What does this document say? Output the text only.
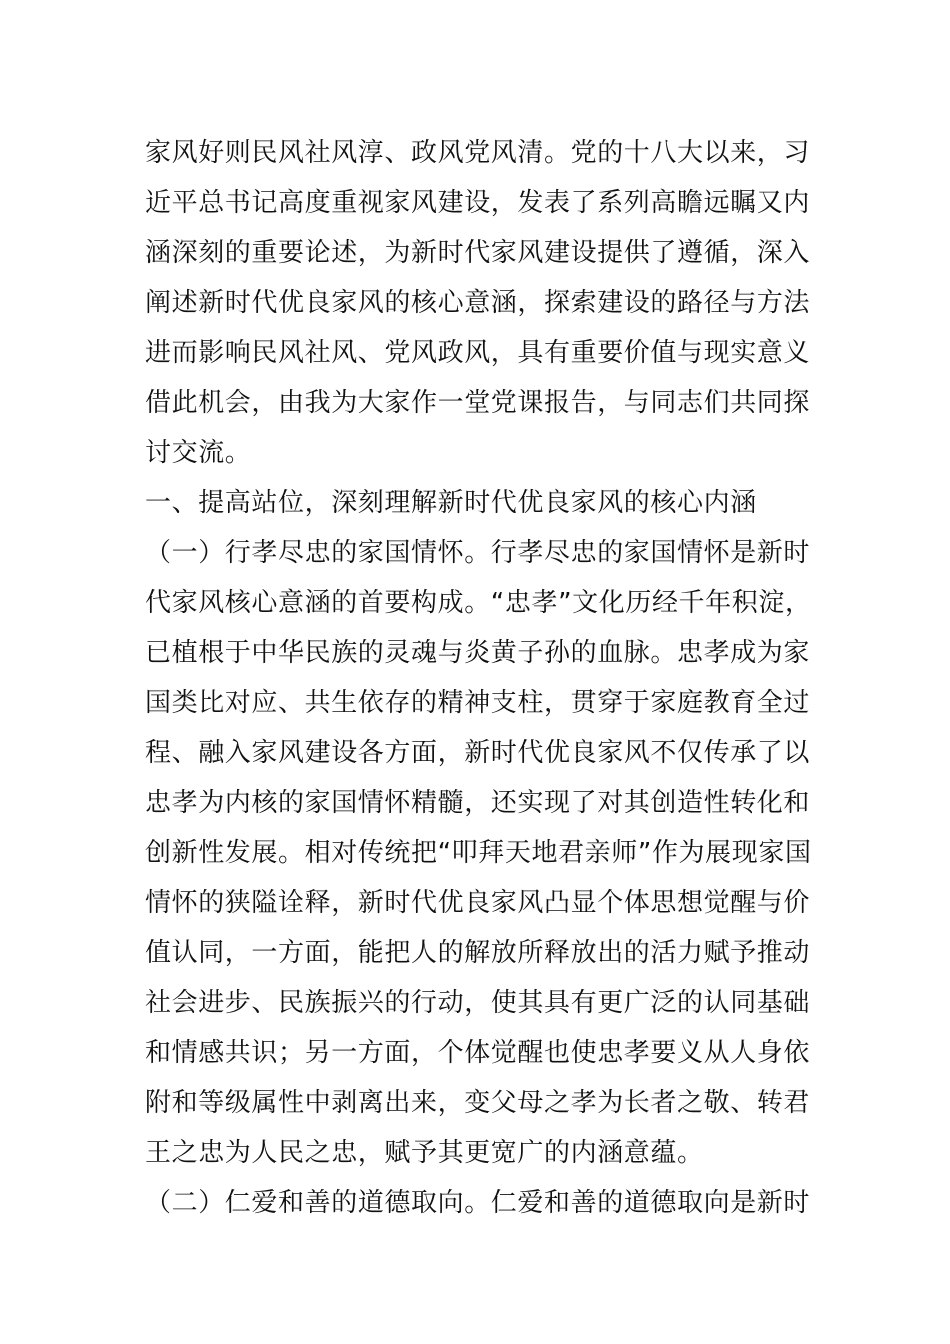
家风好则民风社风淳、政风党风清。党的十八大以来，习
近平总书记高度重视家风建设，发表了系列高瞻远瞩又内
涵深刻的重要论述，为新时代家风建设提供了遵循，深入
阐述新时代优良家风的核心意涵，探索建设的路径与方法
进而影响民风社风、党风政风，具有重要价值与现实意义
借此机会，由我为大家作一堂党课报告，与同志们共同探
讨交流。
一、提高站位，深刻理解新时代优良家风的核心内涵
（一）行孝尽忠的家国情怀。行孝尽忠的家国情怀是新时
代家风核心意涵的首要构成。“忠孝”文化历经千年积淀，
已植根于中华民族的灵魂与炎黄子孙的血脉。忠孝成为家
国类比对应、共生依存的精神支柱，贯穿于家庭教育全过
程、融入家风建设各方面，新时代优良家风不仅传承了以
忠孝为内核的家国情怀精髓，还实现了对其创造性转化和
创新性发展。相对传统把“叩拜天地君亲师”作为展现家国
情怀的狭隘诠释，新时代优良家风凸显个体思想觉醒与价
值认同，一方面，能把人的解放所释放出的活力赋予推动
社会进步、民族振兴的行动，使其具有更广泛的认同基础
和情感共识；另一方面，个体觉醒也使忠孝要义从人身依
附和等级属性中剥离出来，变父母之孝为长者之敬、转君
王之忠为人民之忠，赋予其更宽广的内涵意蕴。
（二）仁爱和善的道德取向。仁爱和善的道德取向是新时
